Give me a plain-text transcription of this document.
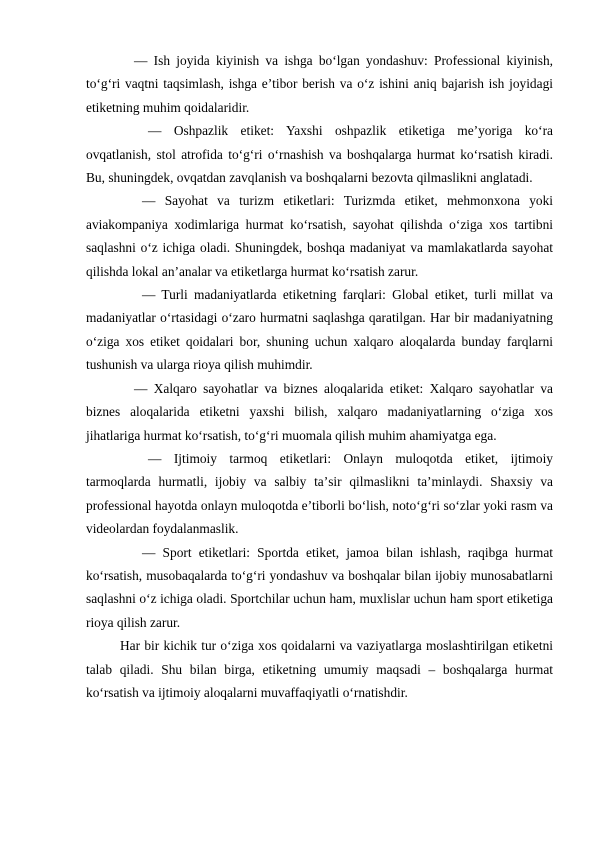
— Ish joyida kiyinish va ishga boʻlgan yondashuv: Professional kiyinish, toʻgʻri vaqtni taqsimlash, ishga eʼtibor berish va oʻz ishini aniq bajarish ish joyidagi etiketning muhim qoidalaridir.

— Oshpazlik etiket: Yaxshi oshpazlik etiketiga meʼyoriga koʻra ovqatlanish, stol atrofida toʻgʻri oʻrnashish va boshqalarga hurmat koʻrsatish kiradi. Bu, shuningdek, ovqatdan zavqlanish va boshqalarni bezovta qilmaslikni anglatadi.

— Sayohat va turizm etiketlari: Turizmda etiket, mehmonxona yoki aviakompaniya xodimlariga hurmat koʻrsatish, sayohat qilishda oʻziga xos tartibni saqlashni oʻz ichiga oladi. Shuningdek, boshqa madaniyat va mamlakatlarda sayohat qilishda lokal anʼanalar va etiketlarga hurmat koʻrsatish zarur.

— Turli madaniyatlarda etiketning farqlari: Global etiket, turli millat va madaniyatlar oʻrtasidagi oʻzaro hurmatni saqlashga qaratilgan. Har bir madaniyatning oʻziga xos etiket qoidalari bor, shuning uchun xalqaro aloqalarda bunday farqlarni tushunish va ularga rioya qilish muhimdir.

— Xalqaro sayohatlar va biznes aloqalarida etiket: Xalqaro sayohatlar va biznes aloqalarida etiketni yaxshi bilish, xalqaro madaniyatlarning oʻziga xos jihatlariga hurmat koʻrsatish, toʻgʻri muomala qilish muhim ahamiyatga ega.

— Ijtimoiy tarmoq etiketlari: Onlayn muloqotda etiket, ijtimoiy tarmoqlarda hurmatli, ijobiy va salbiy taʼsir qilmaslikni taʼminlaydi. Shaxsiy va professional hayotda onlayn muloqotda eʼtiborli boʻlish, notoʻgʻri soʻzlar yoki rasm va videolardan foydalanmaslik.

— Sport etiketlari: Sportda etiket, jamoa bilan ishlash, raqibga hurmat koʻrsatish, musobaqalarda toʻgʻri yondashuv va boshqalar bilan ijobiy munosabatlarni saqlashni oʻz ichiga oladi. Sportchilar uchun ham, muxlislar uchun ham sport etiketiga rioya qilish zarur.

Har bir kichik tur oʻziga xos qoidalarni va vaziyatlarga moslashtirilgan etiketni talab qiladi. Shu bilan birga, etiketning umumiy maqsadi – boshqalarga hurmat koʻrsatish va ijtimoiy aloqalarni muvaffaqiyatli oʻrnatishdir.
